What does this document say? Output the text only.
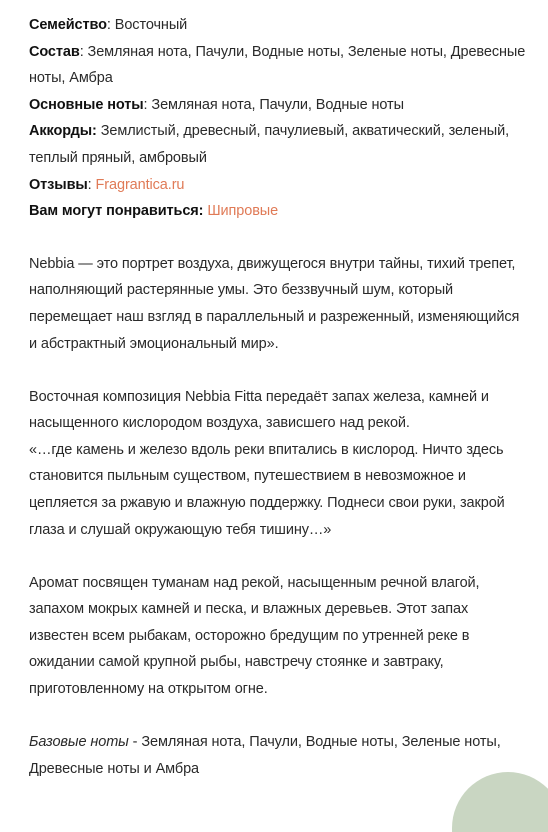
Семейство: Восточный
Состав: Земляная нота, Пачули, Водные ноты, Зеленые ноты, Древесные ноты, Амбра
Основные ноты: Земляная нота, Пачули, Водные ноты
Аккорды: Землистый, древесный, пачулиевый, акватический, зеленый, теплый пряный, амбровый
Отзывы: Fragrantica.ru
Вам могут понравиться: Шипровые

Nebbia — это портрет воздуха, движущегося внутри тайны, тихий трепет, наполняющий растерянные умы. Это беззвучный шум, который перемещает наш взгляд в параллельный и разреженный, изменяющийся и абстрактный эмоциональный мир».

Восточная композиция Nebbia Fitta передаёт запах железа, камней и насыщенного кислородом воздуха, зависшего над рекой.
«…где камень и железо вдоль реки впитались в кислород. Ничто здесь становится пыльным существом, путешествием в невозможное и цепляется за ржавую и влажную поддержку. Поднеси свои руки, закрой глаза и слушай окружающую тебя тишину…»

Аромат посвящен туманам над рекой, насыщенным речной влагой, запахом мокрых камней и песка, и влажных деревьев. Этот запах известен всем рыбакам, осторожно бредущим по утренней реке в ожидании самой крупной рыбы, навстречу стоянке и завтраку, приготовленному на открытом огне.

Базовые ноты - Земляная нота, Пачули, Водные ноты, Зеленые ноты, Древесные ноты и Амбра
